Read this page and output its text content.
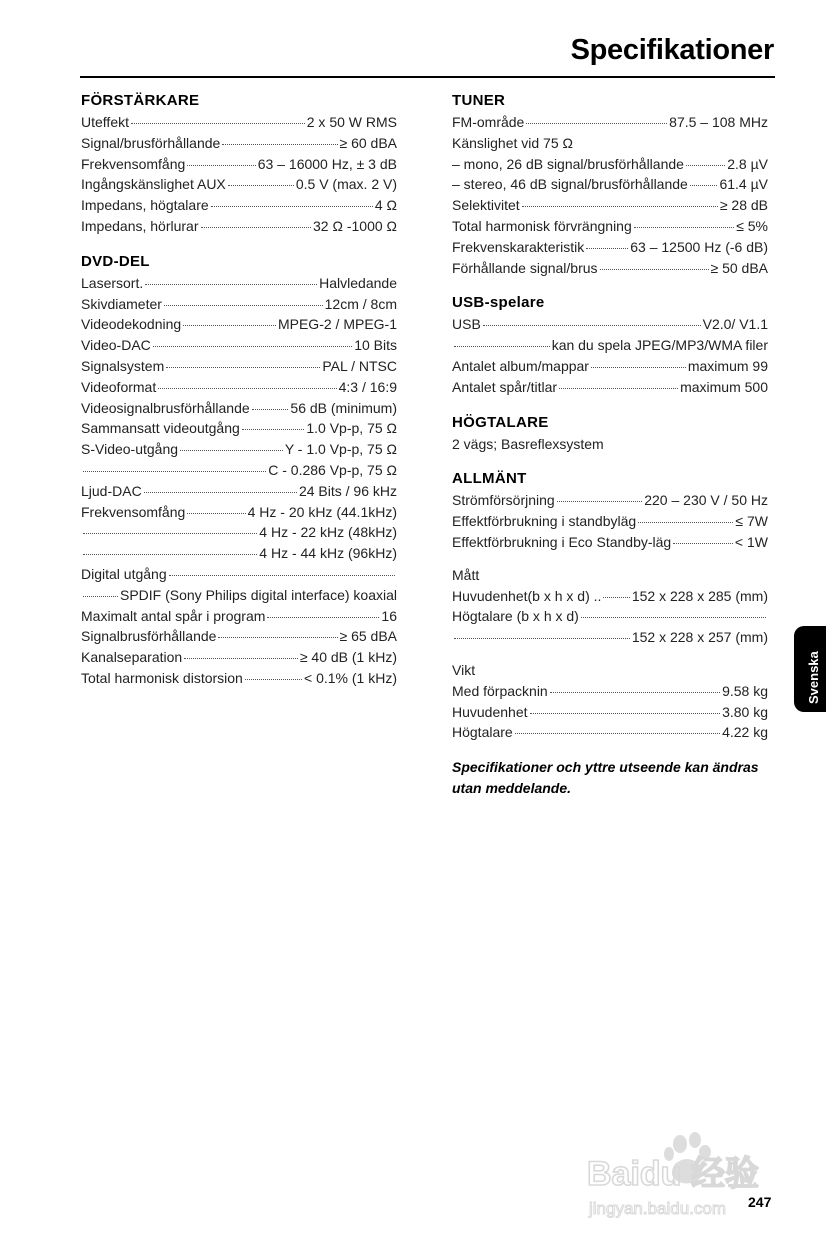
Specifikationer
FÖRSTÄRKARE
Uteffekt	2 x 50 W RMS
Signal/brusförhållande	≥ 60 dBA
Frekvensomfång	63 – 16000 Hz, ± 3 dB
Ingångskänslighet AUX	0.5 V (max. 2 V)
Impedans, högtalare	4 Ω
Impedans, hörlurar	32 Ω -1000 Ω
DVD-DEL
Lasersort.	Halvledande
Skivdiameter	12cm / 8cm
Videodekodning	MPEG-2 / MPEG-1
Video-DAC	10 Bits
Signalsystem	PAL / NTSC
Videoformat	4:3 / 16:9
Videosignalbrusförhållande	56 dB (minimum)
Sammansatt videoutgång	1.0 Vp-p, 75 Ω
S-Video-utgång	Y - 1.0 Vp-p, 75 Ω
C - 0.286 Vp-p, 75 Ω
Ljud-DAC	24 Bits / 96 kHz
Frekvensomfång	4 Hz - 20 kHz (44.1kHz)
4 Hz - 22 kHz (48kHz)
4 Hz - 44 kHz (96kHz)
Digital utgång
SPDIF (Sony Philips digital interface) koaxial
Maximalt antal spår i program	16
Signalbrusförhållande	≥ 65 dBA
Kanalseparation	≥ 40 dB (1 kHz)
Total harmonisk distorsion	< 0.1% (1 kHz)
TUNER
FM-område	87.5 – 108 MHz
Känslighet vid 75 Ω
– mono, 26 dB signal/brusförhållande	2.8 µV
– stereo, 46 dB signal/brusförhållande 61.4 µV
Selektivitet	≥ 28 dB
Total harmonisk förvrängning	≤ 5%
Frekvenskarakteristik	63 – 12500 Hz (-6 dB)
Förhållande signal/brus	≥ 50 dBA
USB-spelare
USB	V2.0/ V1.1
kan du spela JPEG/MP3/WMA filer
Antalet album/mappar	maximum 99
Antalet spår/titlar	maximum 500
HÖGTALARE
2 vägs; Basreflexsystem
ALLMÄNT
Strömförsörjning	220 – 230 V / 50 Hz
Effektförbrukning i standbyläg	≤ 7W
Effektförbrukning i Eco Standby-läg	< 1W
Mått
Huvudenhet(b x h x d) .. 152 x 228 x 285 (mm)
Högtalare (b x h x d)
152 x 228 x 257 (mm)
Vikt
Med förpacknin	9.58 kg
Huvudenhet	3.80 kg
Högtalare	4.22 kg
Specifikationer och yttre utseende kan ändras utan meddelande.
Svenska
Baidu 经验
jingyan.baidu.com 247
